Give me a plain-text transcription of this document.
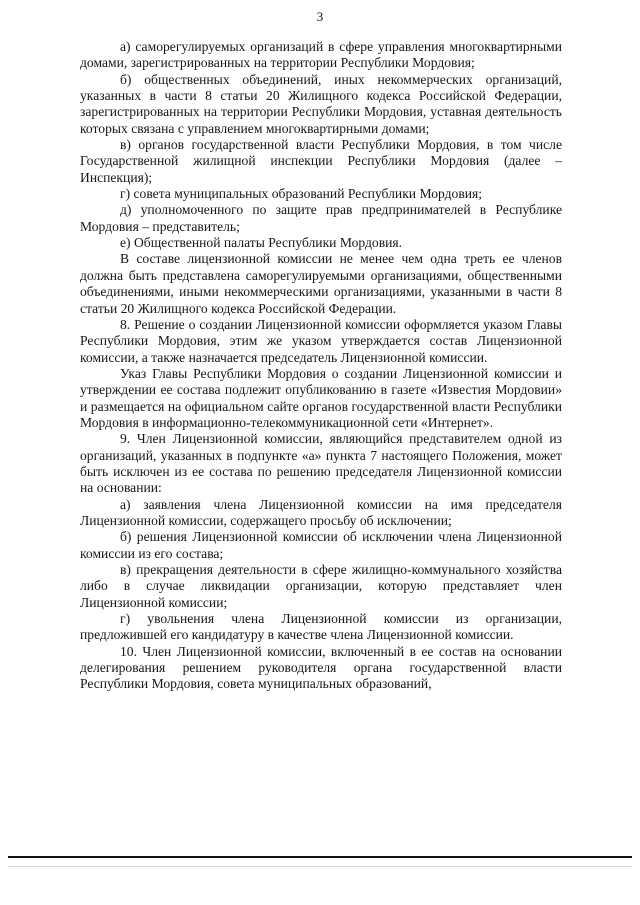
3

а) саморегулируемых организаций в сфере управления многоквартирными домами, зарегистрированных на территории Республики Мордовия;

б) общественных объединений, иных некоммерческих организаций, указанных в части 8 статьи 20 Жилищного кодекса Российской Федерации, зарегистрированных на территории Республики Мордовия, уставная деятельность которых связана с управлением многоквартирными домами;

в) органов государственной власти Республики Мордовия, в том числе Государственной жилищной инспекции Республики Мордовия (далее –Инспекция);

г) совета муниципальных образований Республики Мордовия;

д) уполномоченного по защите прав предпринимателей в Республике Мордовия – представитель;

е) Общественной палаты Республики Мордовия.

В составе лицензионной комиссии не менее чем одна треть ее членов должна быть представлена саморегулируемыми организациями, общественными объединениями, иными некоммерческими организациями, указанными в части 8 статьи 20 Жилищного кодекса Российской Федерации.

8. Решение о создании Лицензионной комиссии оформляется указом Главы Республики Мордовия, этим же указом утверждается состав Лицензионной комиссии, а также назначается председатель Лицензионной комиссии.

Указ Главы Республики Мордовия о создании Лицензионной комиссии и утверждении ее состава подлежит опубликованию в газете «Известия Мордовии» и размещается на официальном сайте органов государственной власти Республики Мордовия в информационно-телекоммуникационной сети «Интернет».

9. Член Лицензионной комиссии, являющийся представителем одной из организаций, указанных в подпункте «а» пункта 7 настоящего Положения, может быть исключен из ее состава по решению председателя Лицензионной комиссии на основании:

а) заявления члена Лицензионной комиссии на имя председателя Лицензионной комиссии, содержащего просьбу об исключении;

б) решения Лицензионной комиссии об исключении члена Лицензионной комиссии из его состава;

в) прекращения деятельности в сфере жилищно-коммунального хозяйства либо в случае ликвидации организации, которую представляет член Лицензионной комиссии;

г) увольнения члена Лицензионной комиссии из организации, предложившей его кандидатуру в качестве члена Лицензионной комиссии.

10. Член Лицензионной комиссии, включенный в ее состав на основании делегирования решением руководителя органа государственной власти Республики Мордовия, совета муниципальных образований,
